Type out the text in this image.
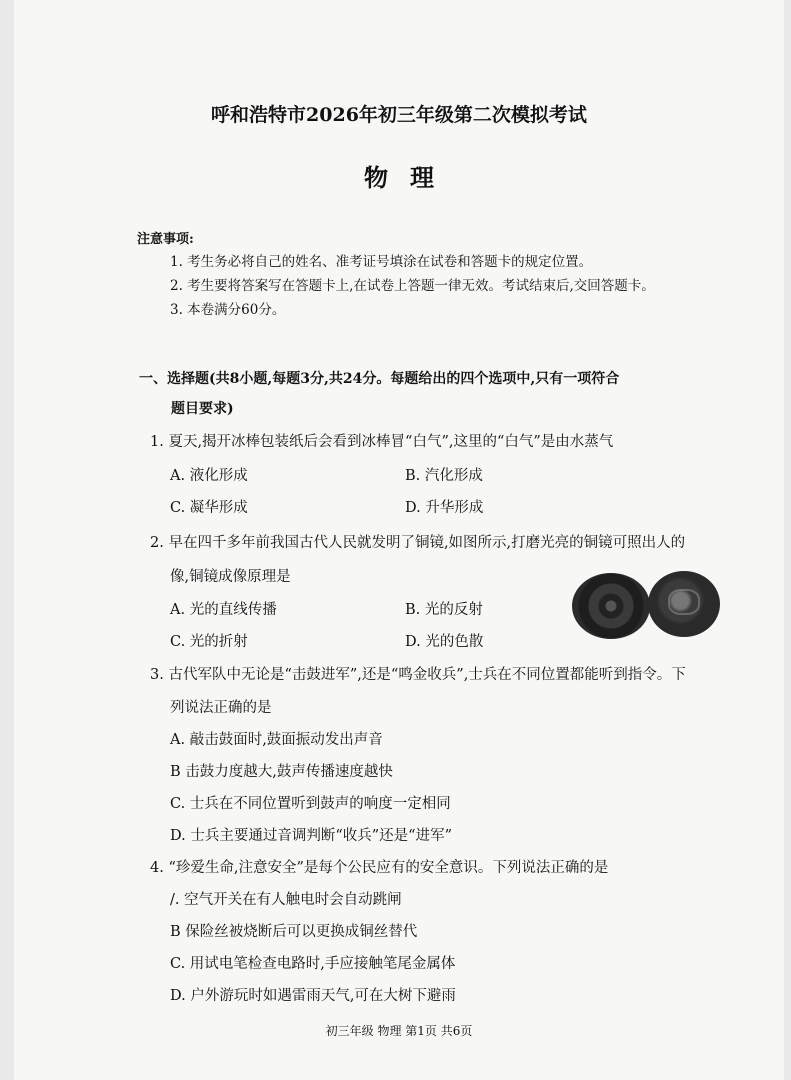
呼和浩特市2026年初三年级第二次模拟考试
物理
注意事项:
1. 考生务必将自己的姓名、准考证号填涂在试卷和答题卡的规定位置。
2. 考生要将答案写在答题卡上,在试卷上答题一律无效。考试结束后,交回答题卡。
3. 本卷满分60分。
一、选择题(共8小题,每题3分,共24分。每题给出的四个选项中,只有一项符合
题目要求)
1. 夏天,揭开冰棒包装纸后会看到冰棒冒“白气”,这里的“白气”是由水蒸气
A. 液化形成	B. 汽化形成
C. 凝华形成	D. 升华形成
2. 早在四千多年前我国古代人民就发明了铜镜,如图所示,打磨光亮的铜镜可照出人的
像,铜镜成像原理是
A. 光的直线传播	B. 光的反射
C. 光的折射	D. 光的色散
3. 古代军队中无论是“击鼓进军”,还是“鸣金收兵”,士兵在不同位置都能听到指令。下
列说法正确的是
A. 敲击鼓面时,鼓面振动发出声音
B 击鼓力度越大,鼓声传播速度越快
C. 士兵在不同位置听到鼓声的响度一定相同
D. 士兵主要通过音调判断“收兵”还是“进军”
4. “珍爱生命,注意安全”是每个公民应有的安全意识。下列说法正确的是
/. 空气开关在有人触电时会自动跳闸
B 保险丝被烧断后可以更换成铜丝替代
C. 用试电笔检查电路时,手应接触笔尾金属体
D. 户外游玩时如遇雷雨天气,可在大树下避雨
初三年级 物理 第1页 共6页
